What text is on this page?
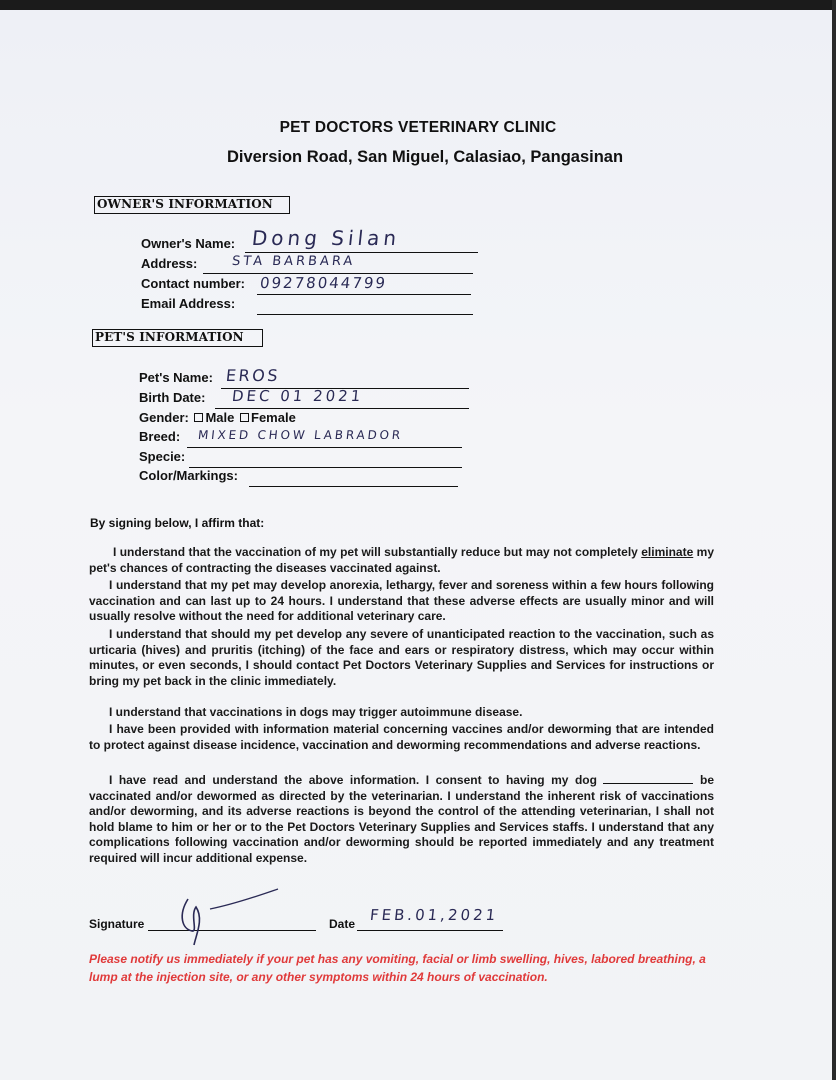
PET DOCTORS VETERINARY CLINIC
Diversion Road, San Miguel, Calasiao, Pangasinan
OWNER'S INFORMATION
Owner's Name: Dong Silan
Address:	STA BARBARA
Contact number: 09278044799
Email Address:
PET'S INFORMATION
Pet's Name: EROS
Birth Date: DEC 01 2021
Gender: Male Female
Breed: MIXED CHOW LABRADOR
Specie:
Color/Markings:
By signing below, I affirm that:

I understand that the vaccination of my pet will substantially reduce but may not completely eliminate my pet's chances of contracting the diseases vaccinated against.

I understand that my pet may develop anorexia, lethargy, fever and soreness within a few hours following vaccination and can last up to 24 hours. I understand that these adverse effects are usually minor and will usually resolve without the need for additional veterinary care.

I understand that should my pet develop any severe of unanticipated reaction to the vaccination, such as urticaria (hives) and pruritis (itching) of the face and ears or respiratory distress, which may occur within minutes, or even seconds, I should contact Pet Doctors Veterinary Supplies and Services for instructions or bring my pet back in the clinic immediately.

I understand that vaccinations in dogs may trigger autoimmune disease.

I have been provided with information material concerning vaccines and/or deworming that are intended to protect against disease incidence, vaccination and deworming recommendations and adverse reactions.

I have read and understand the above information. I consent to having my dog	be vaccinated and/or dewormed as directed by the veterinarian. I understand the inherent risk of vaccinations and/or deworming, and its adverse reactions is beyond the control of the attending veterinarian, I shall not hold blame to him or her or to the Pet Doctors Veterinary Supplies and Services staffs. I understand that any complications following vaccination and/or deworming should be reported immediately and any treatment required will incur additional expense.

Signature	Date FEB.01,2021
Please notify us immediately if your pet has any vomiting, facial or limb swelling, hives, labored breathing, a lump at the injection site, or any other symptoms within 24 hours of vaccination.
